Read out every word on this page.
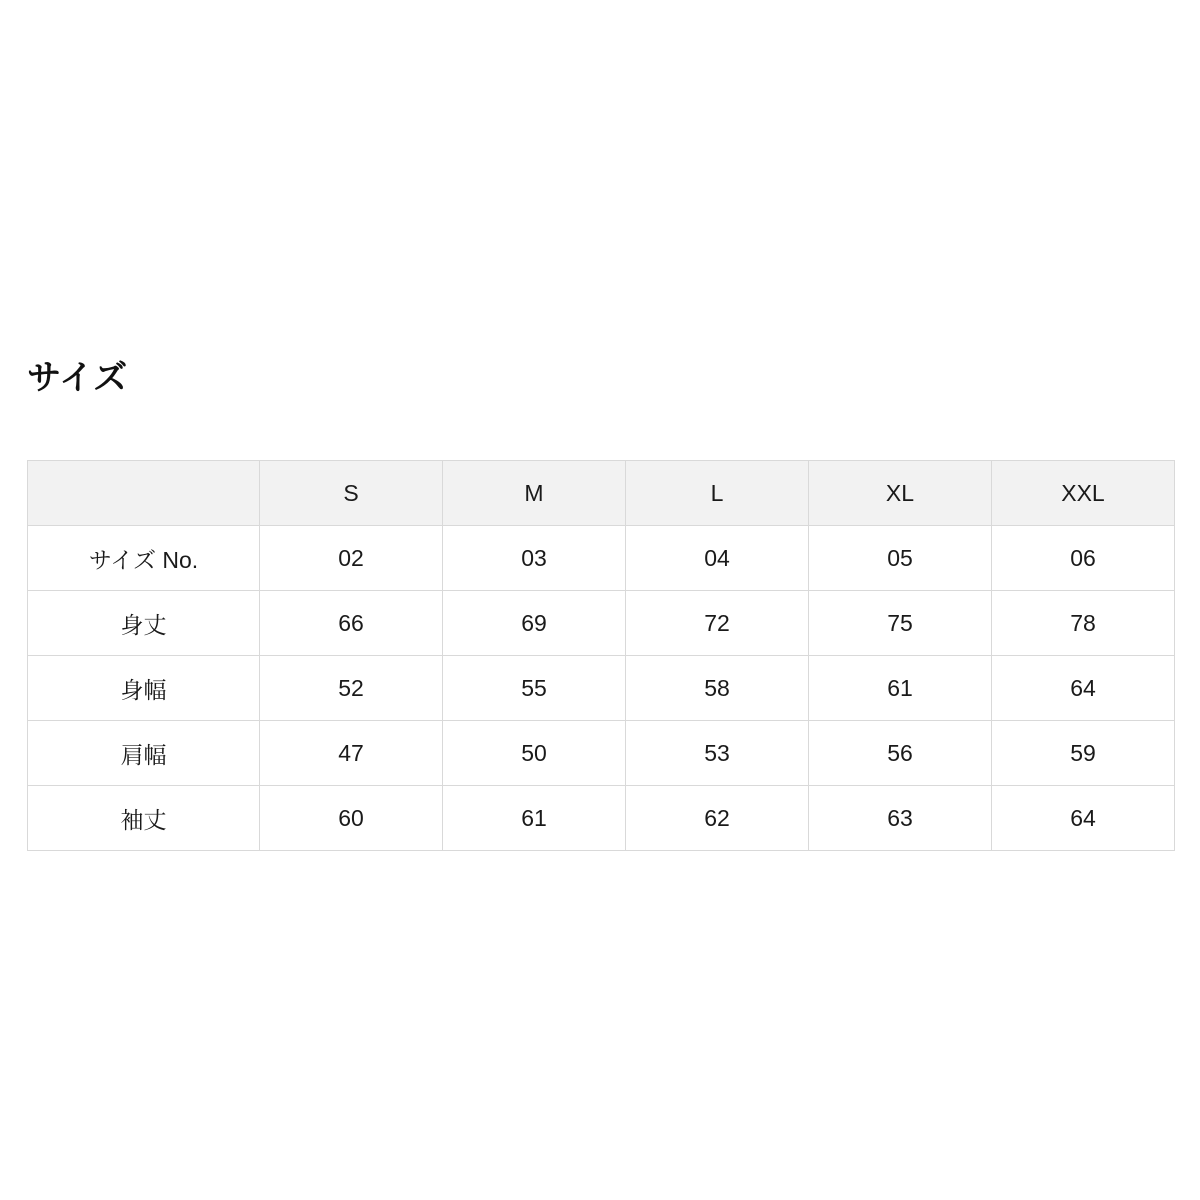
サイズ
	S	M	L	XL	XXL
サイズ No.	02	03	04	05	06
身丈	66	69	72	75	78
身幅	52	55	58	61	64
肩幅	47	50	53	56	59
袖丈	60	61	62	63	64
